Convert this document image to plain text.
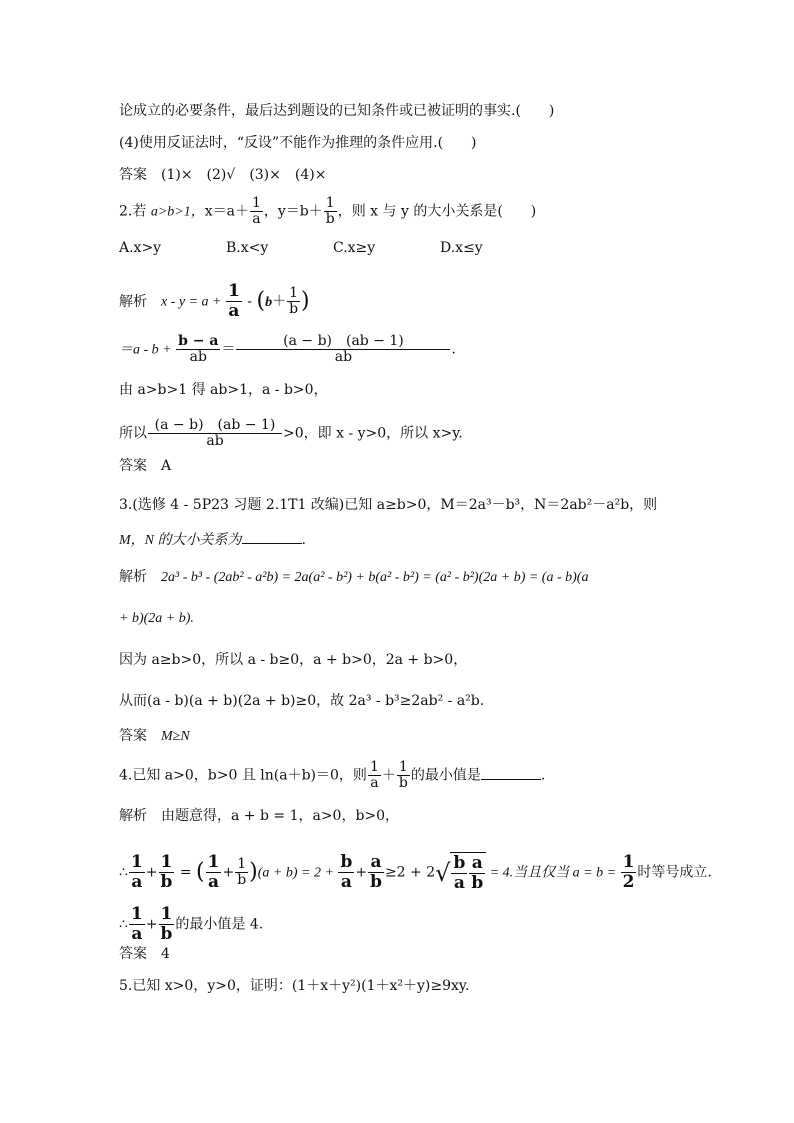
论成立的必要条件，最后达到题设的已知条件或已被证明的事实.(　　)
(4)使用反证法时，“反设”不能作为推理的条件应用.(　　)
答案 (1)×　(2)√　(3)×　(4)×
2.若 a>b>1，$x=a+ \frac{1}{a}$ ，$y=b+ \frac{1}{b}$ ，则 x 与 y 的大小关系是(　　)
A.x>y	B.x<y	C.x≥y	D.x≤y
解析 $x - y = a + \frac{1}{a} - (b+ \frac{1}{b}$ )
$=a - b + \frac{b - a}{ab} = \frac{(a - b) (ab - 1)}{ab}$ .
由 a>b>1 得 ab>1，a - b>0，
所以 $\frac{(a - b) (ab - 1)}{ab} >0$，即 x - y>0，所以 x>y.
答案 A
3.(选修 4 - 5P23 习题 2.1T1 改编)已知 a≥b>0，M＝2a³－b³，N＝2ab²－a²b，则
M，N 的大小关系为	.
解析 2a³ - b³ - (2ab² - a²b) = 2a(a² - b²) + b(a² - b²) = (a² - b²)(2a + b) = (a - b)(a
+ b)(2a + b).
因为 a≥b>0，所以 a - b≥0，a + b>0，2a + b>0，
从而(a - b)(a + b)(2a + b)≥0，故 2a³ - b³≥2ab² - a²b.
答案 M≥N
4.已知 a>0，b>0 且 ln(a＋b)＝0，则 $\frac{1}{a} + \frac{1}{b}$ 的最小值是	.
解析 由题意得，a + b = 1，a>0，b>0，
∴ $\frac{1}{a} + \frac{1}{b}$ = ( $\frac{1}{a} + \frac{1}{b} )(a + b) = 2 + \frac{b}{a} + \frac{a}{b} \ge 2 + 2√ \frac{b}{a} \frac{a}{b} = 4$.当且仅当 $a = b = \frac{1}{2}$ 时等号成立.
∴ $\frac{1}{a} + \frac{1}{b}$ 的最小值是 4.
答案 4
5.已知 x>0，y>0，证明：(1＋x＋y²)(1＋x²＋y)≥9xy.
